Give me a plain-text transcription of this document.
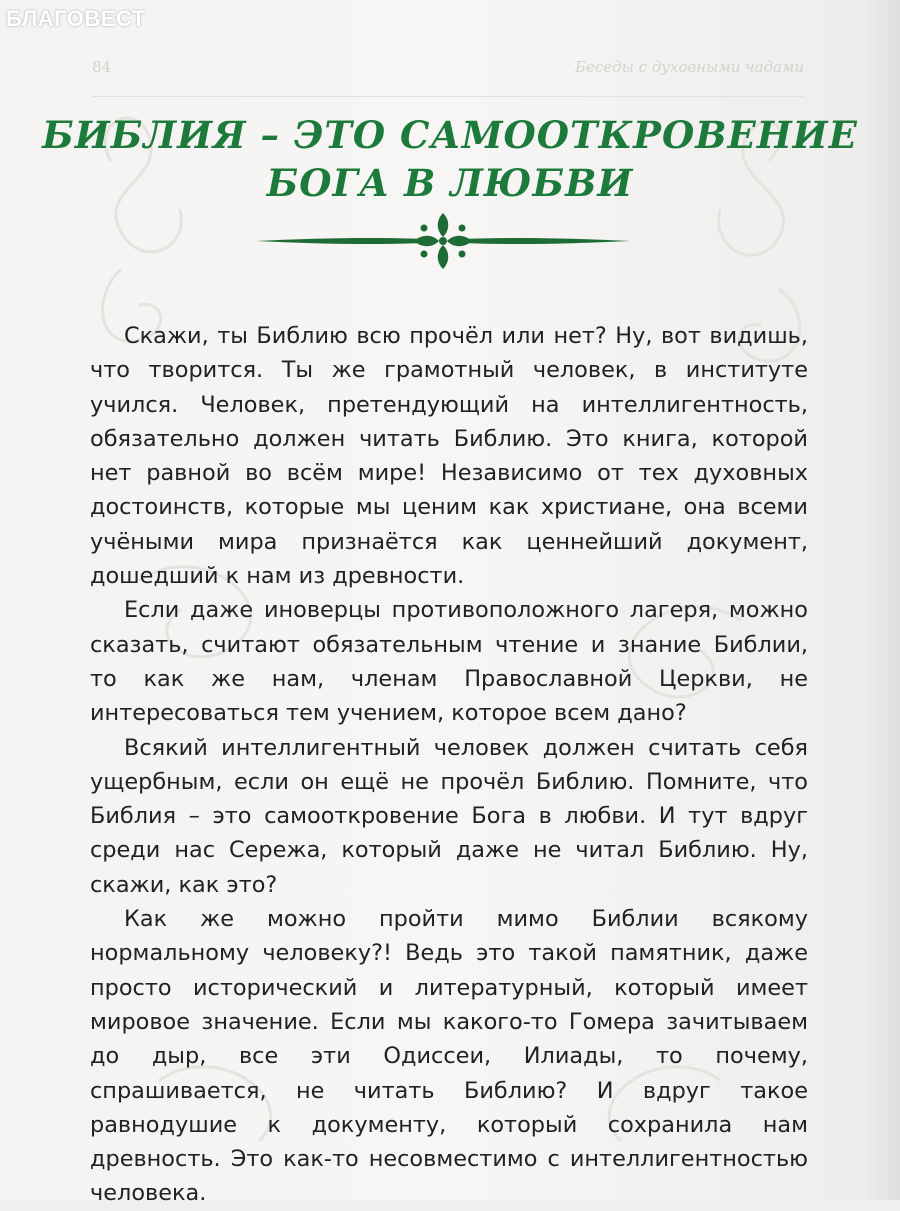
БЛАГОВЕСТ
84	Беседы с духовными чадами
БИБЛИЯ – ЭТО САМООТКРОВЕНИЕ
БОГА В ЛЮБВИ

Скажи, ты Библию всю прочёл или нет? Ну, вот видишь, что творится. Ты же грамотный человек, в институте учился. Человек, претендующий на интеллигентность, обязательно должен читать Библию. Это книга, которой нет равной во всём мире! Независимо от тех духовных достоинств, которые мы ценим как христиане, она всеми учёными мира признаётся как ценнейший документ, дошедший к нам из древности.

Если даже иноверцы противоположного лагеря, можно сказать, считают обязательным чтение и знание Библии, то как же нам, членам Православной Церкви, не интересоваться тем учением, которое всем дано?

Всякий интеллигентный человек должен считать себя ущербным, если он ещё не прочёл Библию. Помните, что Библия – это самооткровение Бога в любви. И тут вдруг среди нас Сережа, который даже не читал Библию. Ну, скажи, как это?

Как же можно пройти мимо Библии всякому нормальному человеку?! Ведь это такой памятник, даже просто исторический и литературный, который имеет мировое значение. Если мы какого-то Гомера зачитываем до дыр, все эти Одиссеи, Илиады, то почему, спрашивается, не читать Библию? И вдруг такое равнодушие к документу, который сохранила нам древность. Это как-то несовместимо с интеллигентностью человека.
